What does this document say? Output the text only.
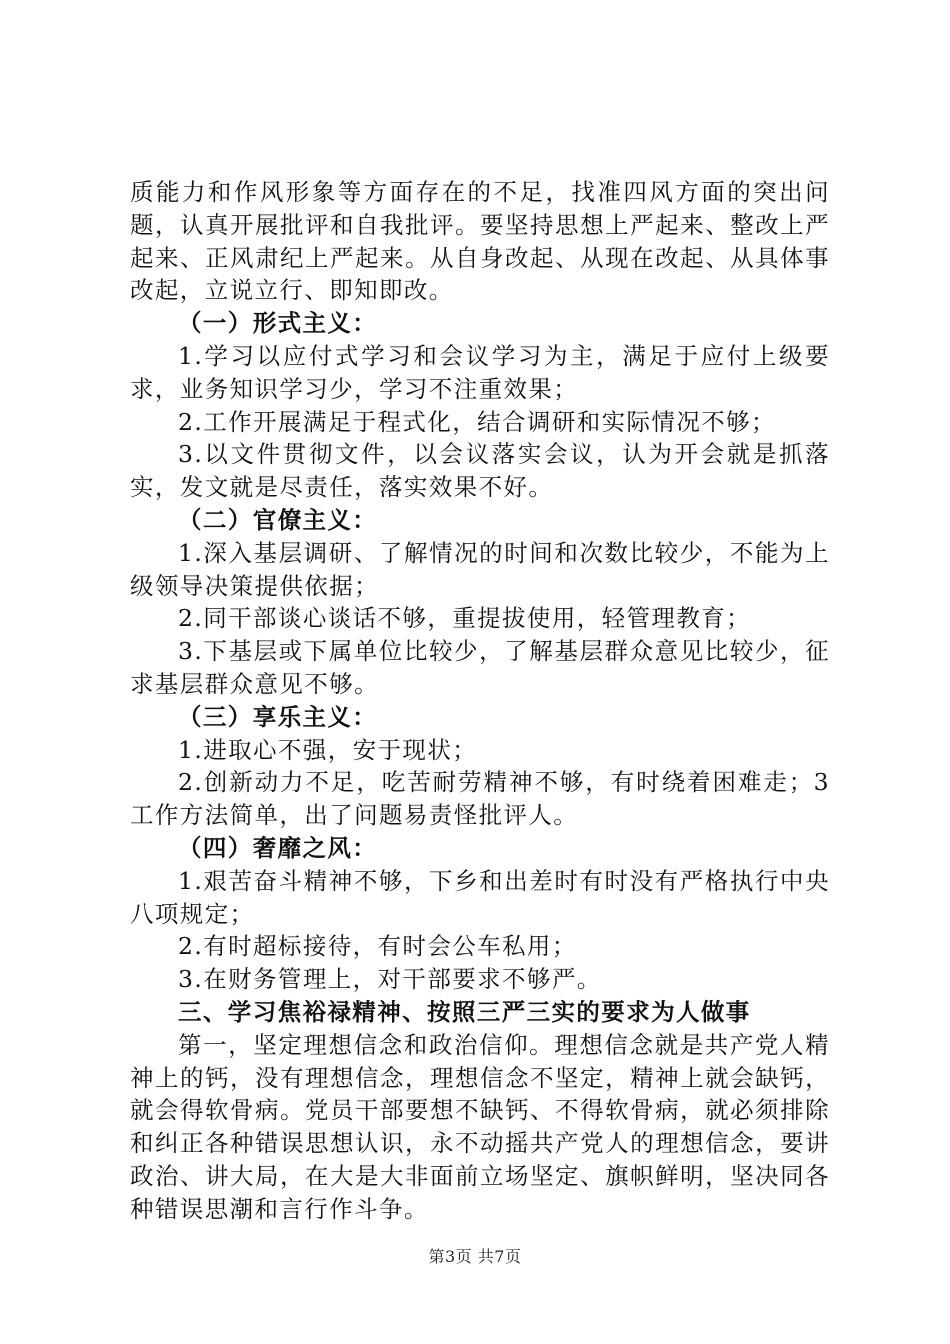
质能力和作风形象等方面存在的不足，找准四风方面的突出问题，认真开展批评和自我批评。要坚持思想上严起来、整改上严起来、正风肃纪上严起来。从自身改起、从现在改起、从具体事改起，立说立行、即知即改。

（一）形式主义：

1.学习以应付式学习和会议学习为主，满足于应付上级要求，业务知识学习少，学习不注重效果；

2.工作开展满足于程式化，结合调研和实际情况不够；

3.以文件贯彻文件，以会议落实会议，认为开会就是抓落实，发文就是尽责任，落实效果不好。

（二）官僚主义：

1.深入基层调研、了解情况的时间和次数比较少，不能为上级领导决策提供依据；

2.同干部谈心谈话不够，重提拔使用，轻管理教育；

3.下基层或下属单位比较少，了解基层群众意见比较少，征求基层群众意见不够。

（三）享乐主义：

1.进取心不强，安于现状；

2.创新动力不足，吃苦耐劳精神不够，有时绕着困难走；3工作方法简单，出了问题易责怪批评人。

（四）奢靡之风：

1.艰苦奋斗精神不够，下乡和出差时有时没有严格执行中央八项规定；

2.有时超标接待，有时会公车私用；

3.在财务管理上，对干部要求不够严。

三、学习焦裕禄精神、按照三严三实的要求为人做事

第一，坚定理想信念和政治信仰。理想信念就是共产党人精神上的钙，没有理想信念，理想信念不坚定，精神上就会缺钙，就会得软骨病。党员干部要想不缺钙、不得软骨病，就必须排除和纠正各种错误思想认识，永不动摇共产党人的理想信念，要讲政治、讲大局，在大是大非面前立场坚定、旗帜鲜明，坚决同各种错误思潮和言行作斗争。

第3页 共7页
